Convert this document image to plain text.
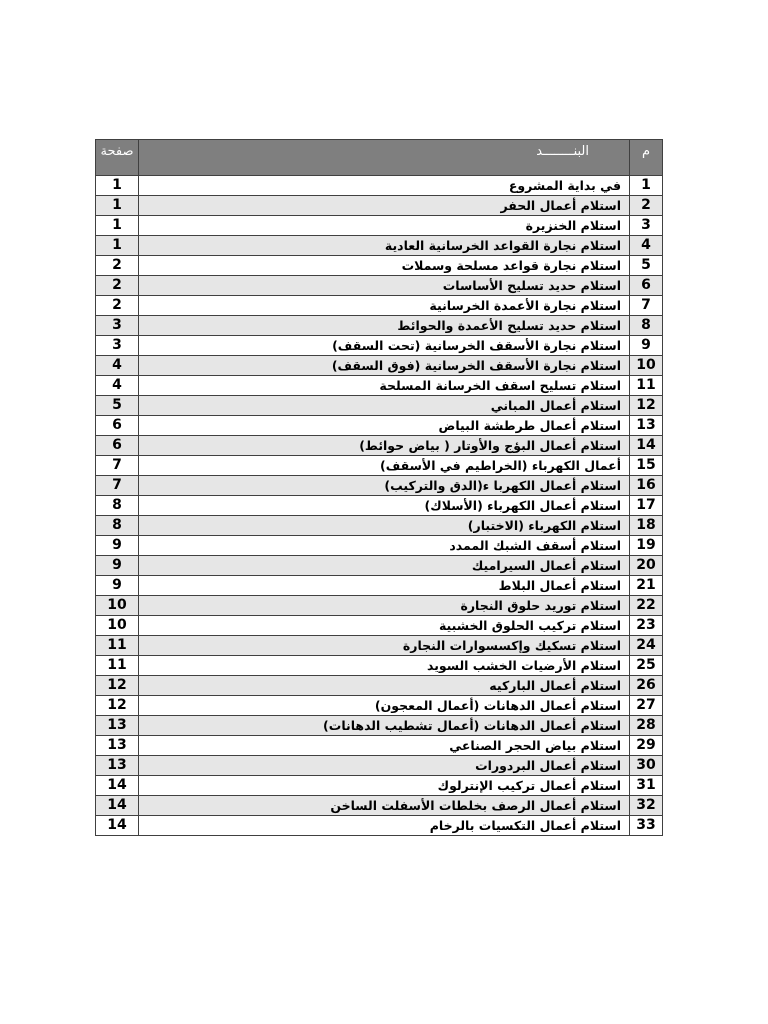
صفحة	البنــــــــد	م
1	في بداية المشروع	1
1	استلام أعمال الحفر	2
1	استلام الخنزيرة	3
1	استلام نجارة القواعد الخرسانية العادية	4
2	استلام نجارة قواعد مسلحة وسملات	5
2	استلام حديد تسليح الأساسات	6
2	استلام نجارة الأعمدة الخرسانية	7
3	استلام حديد تسليح الأعمدة والحوائط	8
3	استلام نجارة الأسقف الخرسانية (تحت السقف)	9
4	استلام نجارة الأسقف الخرسانية (فوق السقف)	10
4	استلام تسليح اسقف الخرسانة المسلحة	11
5	استلام أعمال المباني	12
6	استلام أعمال طرطشة البياض	13
6	استلام أعمال البؤج والأوتار ( بياض حوائط)	14
7	أعمال الكهرباء (الخراطيم في الأسقف)	15
7	استلام أعمال الكهربا ء(الدق والتركيب)	16
8	استلام أعمال الكهرباء (الأسلاك)	17
8	استلام الكهرباء (الاختبار)	18
9	استلام أسقف الشبك الممدد	19
9	استلام أعمال السيراميك	20
9	استلام أعمال البلاط	21
10	استلام توريد حلوق النجارة	22
10	استلام تركيب الحلوق الخشبية	23
11	استلام تسكيك وإكسسوارات النجارة	24
11	استلام الأرضيات الخشب السويد	25
12	استلام أعمال الباركيه	26
12	استلام أعمال الدهانات (أعمال المعجون)	27
13	استلام أعمال الدهانات (أعمال تشطيب الدهانات)	28
13	استلام بياض الحجر الصناعي	29
13	استلام أعمال البردورات	30
14	استلام أعمال تركيب الإنترلوك	31
14	استلام أعمال الرصف بخلطات الأسفلت الساخن	32
14	استلام أعمال التكسيات بالرخام	33
